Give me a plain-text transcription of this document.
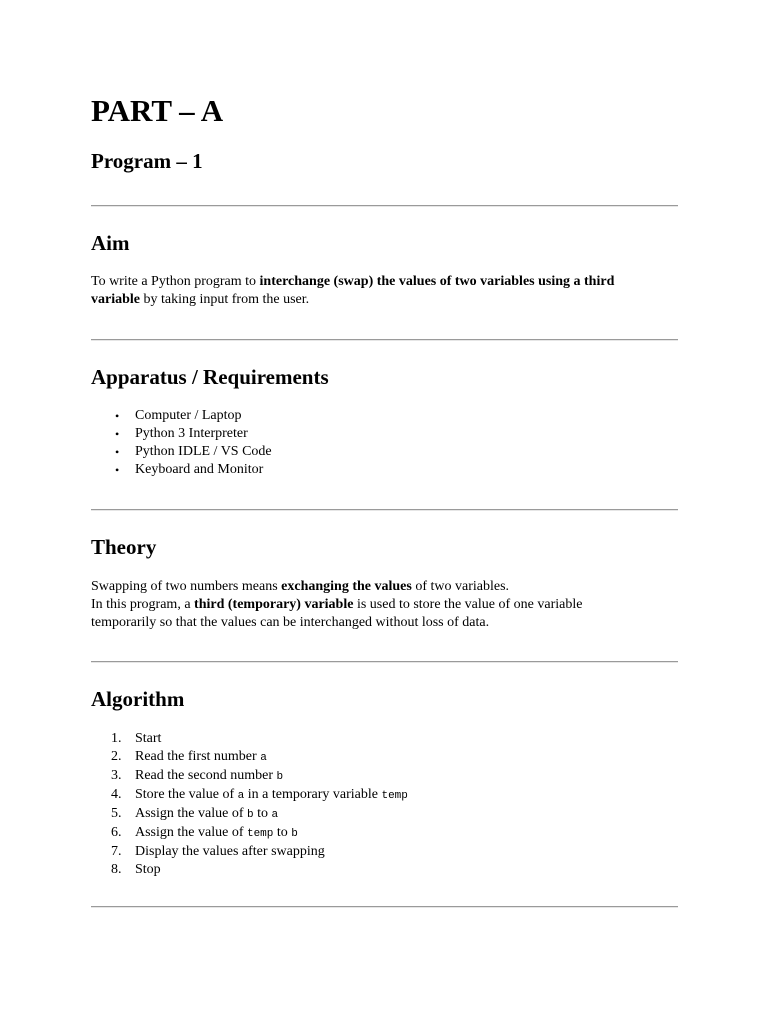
PART – A
Program – 1
Aim

To write a Python program to interchange (swap) the values of two variables using a third
variable by taking input from the user.

Apparatus / Requirements
• Computer / Laptop
• Python 3 Interpreter
• Python IDLE / VS Code
• Keyboard and Monitor
Theory

Swapping of two numbers means exchanging the values of two variables.
In this program, a third (temporary) variable is used to store the value of one variable
temporarily so that the values can be interchanged without loss of data.

Algorithm
1. Start
2. Read the first number a
3. Read the second number b
4. Store the value of a in a temporary variable temp
5. Assign the value of b to a
6. Assign the value of temp to b
7. Display the values after swapping
8. Stop
